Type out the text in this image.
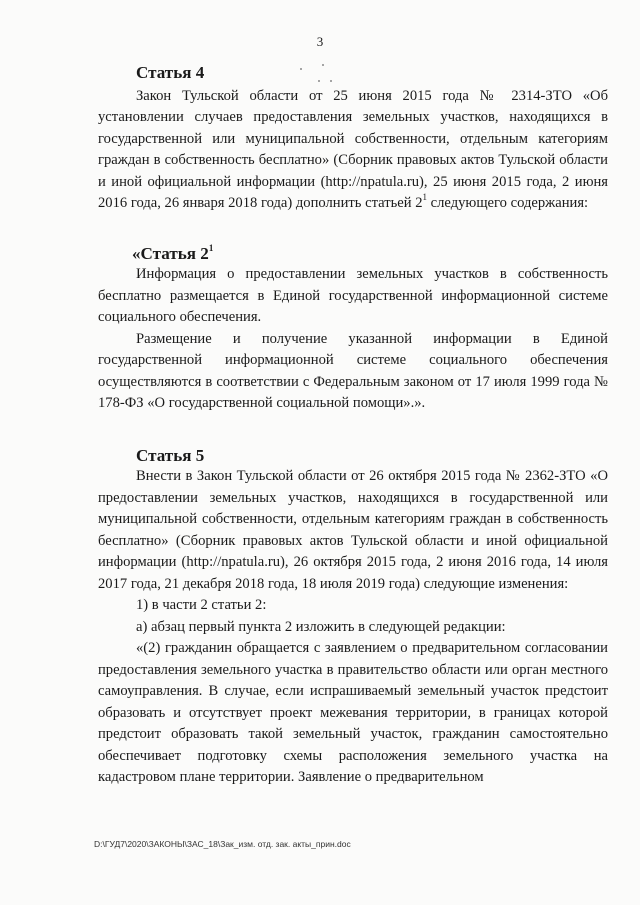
3
Статья 4

Закон Тульской области от 25 июня 2015 года № 2314-ЗТО «Об установлении случаев предоставления земельных участков, находящихся в государственной или муниципальной собственности, отдельным категориям граждан в собственность бесплатно» (Сборник правовых актов Тульской области и иной официальной информации (http://npatula.ru), 25 июня 2015 года, 2 июня 2016 года, 26 января 2018 года) дополнить статьей $2^1$ следующего содержания:

«Статья $2^1$

Информация о предоставлении земельных участков в собственность бесплатно размещается в Единой государственной информационной системе социального обеспечения.

Размещение и получение указанной информации в Единой государственной информационной системе социального обеспечения осуществляются в соответствии с Федеральным законом от 17 июля 1999 года № 178-ФЗ «О государственной социальной помощи».».

Статья 5

Внести в Закон Тульской области от 26 октября 2015 года № 2362-ЗТО «О предоставлении земельных участков, находящихся в государственной или муниципальной собственности, отдельным категориям граждан в собственность бесплатно» (Сборник правовых актов Тульской области и иной официальной информации (http://npatula.ru), 26 октября 2015 года, 2 июня 2016 года, 14 июля 2017 года, 21 декабря 2018 года, 18 июля 2019 года) следующие изменения:

1) в части 2 статьи 2:

а) абзац первый пункта 2 изложить в следующей редакции:

«(2) гражданин обращается с заявлением о предварительном согласовании предоставления земельного участка в правительство области или орган местного самоуправления. В случае, если испрашиваемый земельный участок предстоит образовать и отсутствует проект межевания территории, в границах которой предстоит образовать такой земельный участок, гражданин самостоятельно обеспечивает подготовку схемы расположения земельного участка на кадастровом плане территории. Заявление о предварительном

D:\ГУД7\2020\ЗАКОНЫ\ЗАС_18\Зак_изм. отд. зак. акты_прин.doc
